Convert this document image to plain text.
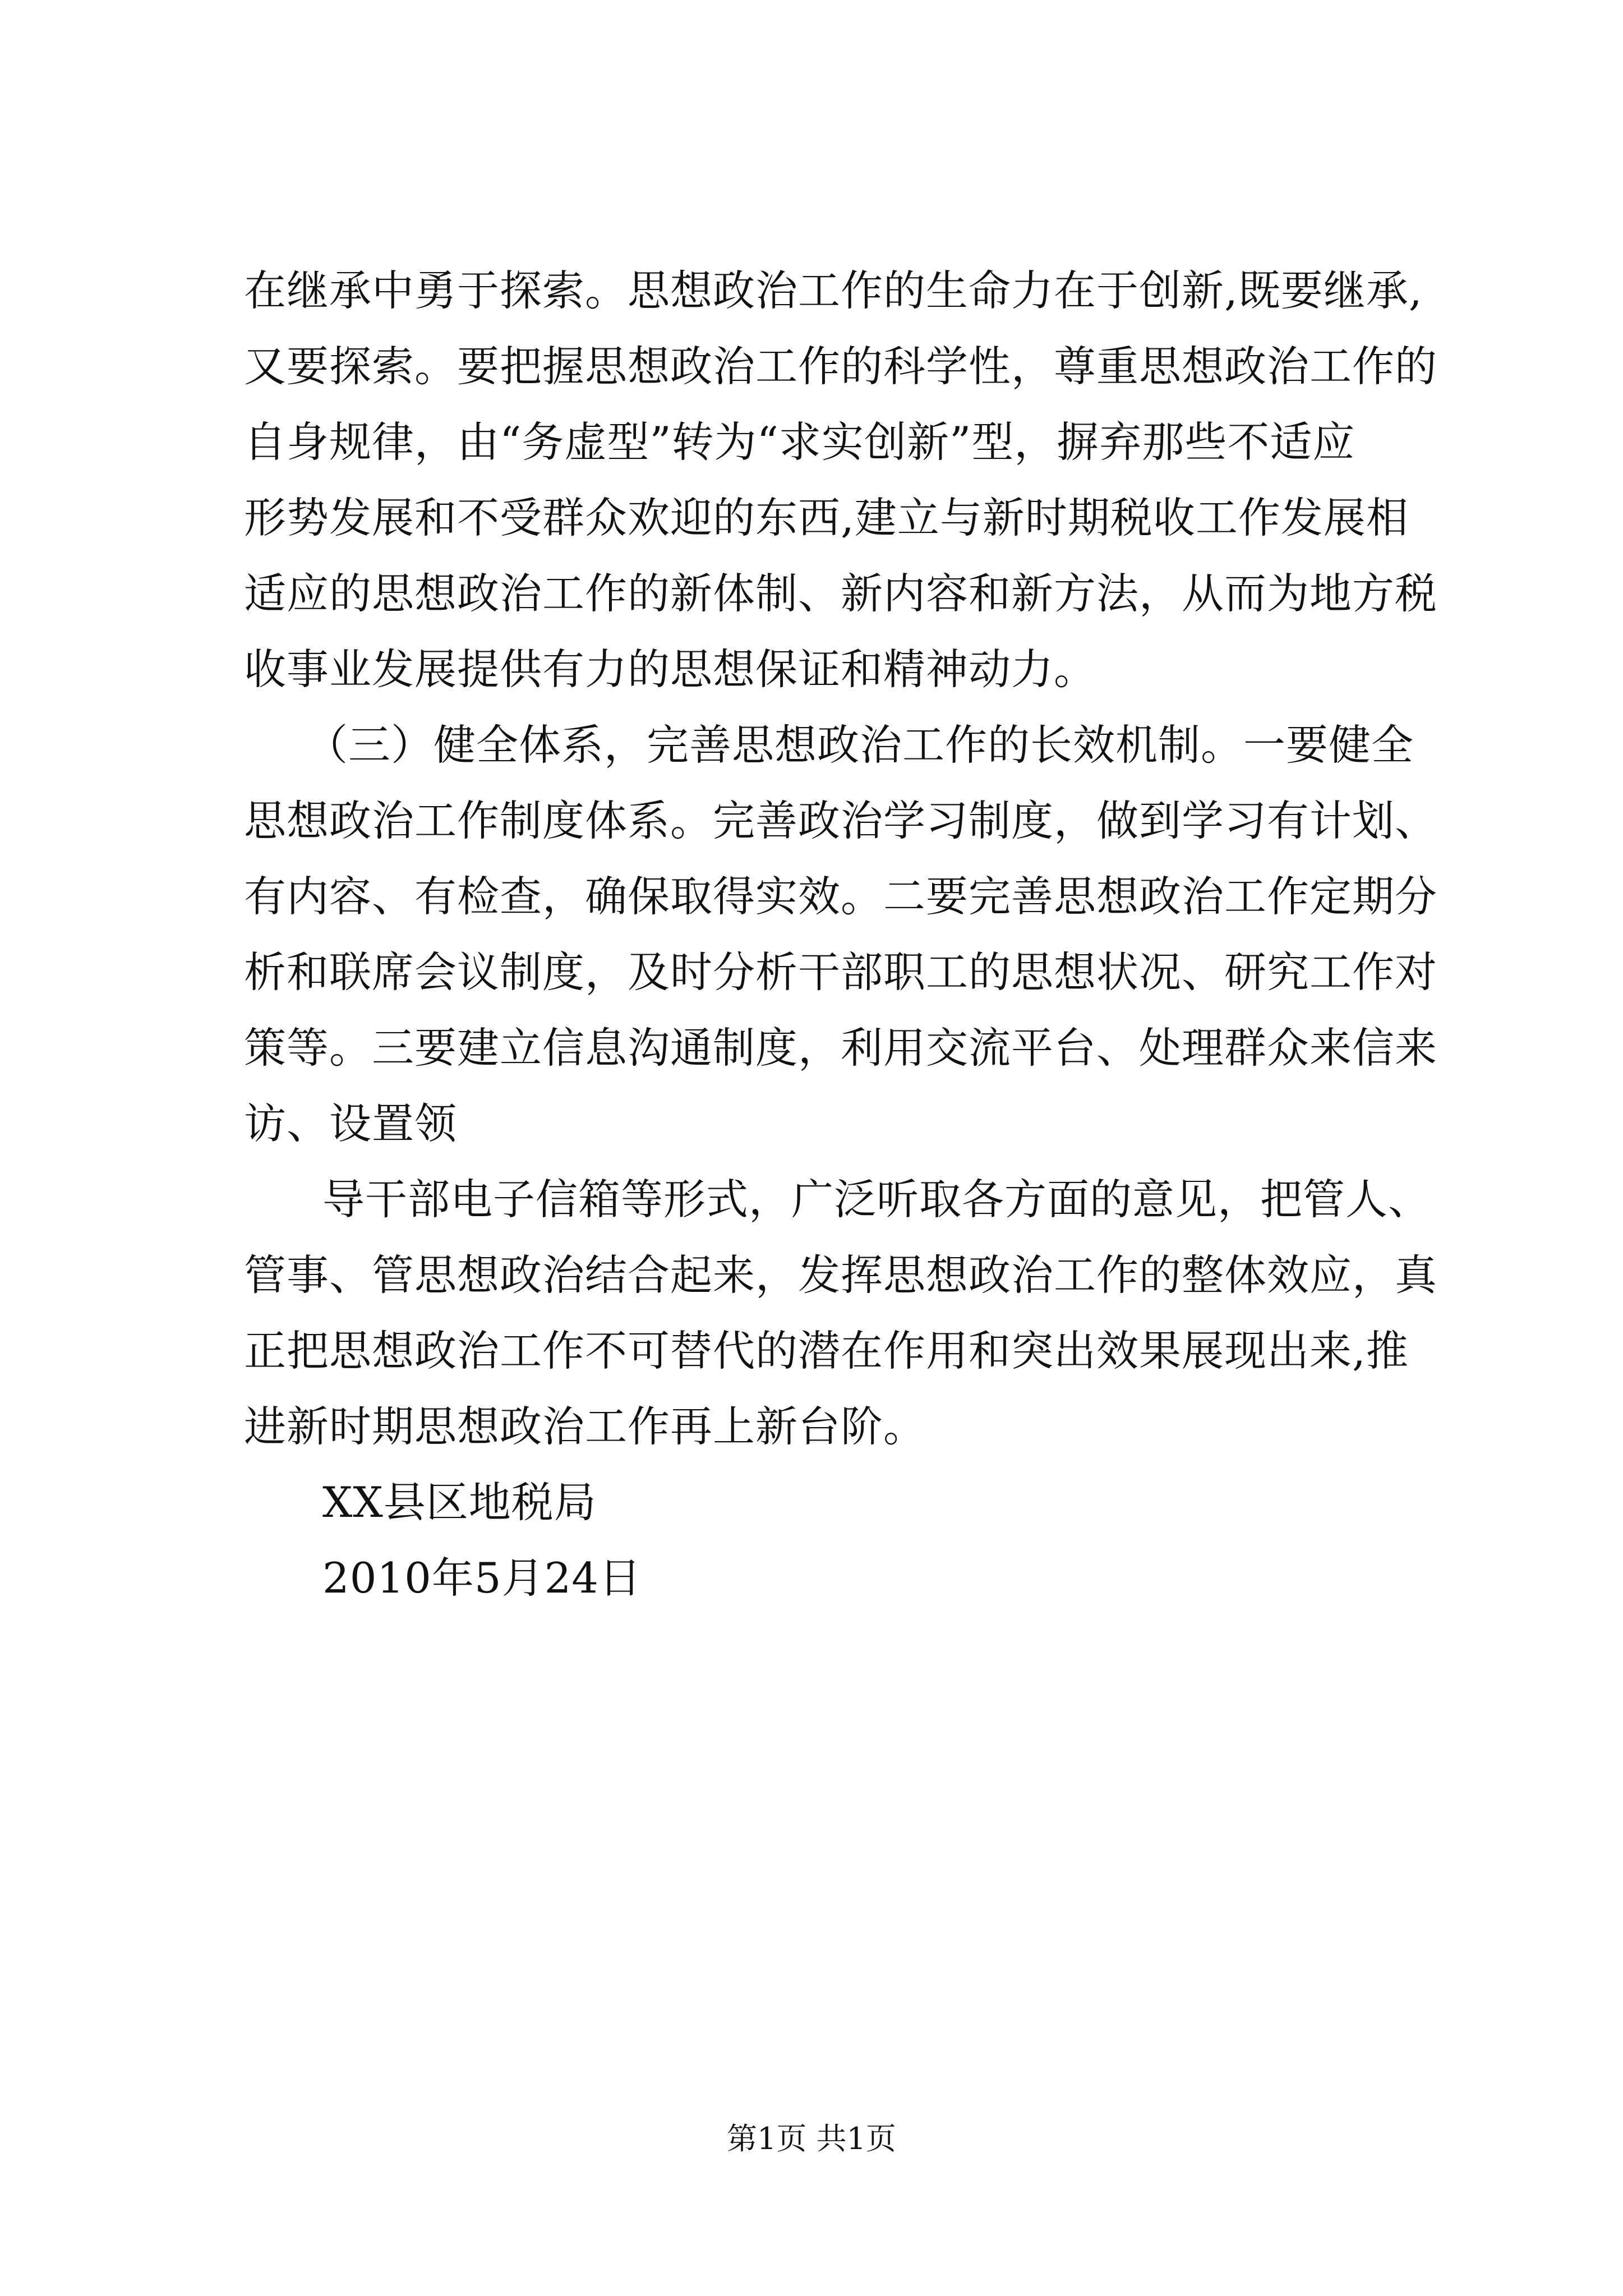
在继承中勇于探索。思想政治工作的生命力在于创新,既要继承,
又要探索。要把握思想政治工作的科学性，尊重思想政治工作的
自身规律，由“务虚型”转为“求实创新”型，摒弃那些不适应
形势发展和不受群众欢迎的东西,建立与新时期税收工作发展相
适应的思想政治工作的新体制、新内容和新方法，从而为地方税
收事业发展提供有力的思想保证和精神动力。
（三）健全体系，完善思想政治工作的长效机制。一要健全
思想政治工作制度体系。完善政治学习制度，做到学习有计划、
有内容、有检查，确保取得实效。二要完善思想政治工作定期分
析和联席会议制度，及时分析干部职工的思想状况、研究工作对
策等。三要建立信息沟通制度，利用交流平台、处理群众来信来
访、设置领
导干部电子信箱等形式，广泛听取各方面的意见，把管人、
管事、管思想政治结合起来，发挥思想政治工作的整体效应，真
正把思想政治工作不可替代的潜在作用和突出效果展现出来,推
进新时期思想政治工作再上新台阶。
XX县区地税局
2010年5月24日
第1页 共1页
